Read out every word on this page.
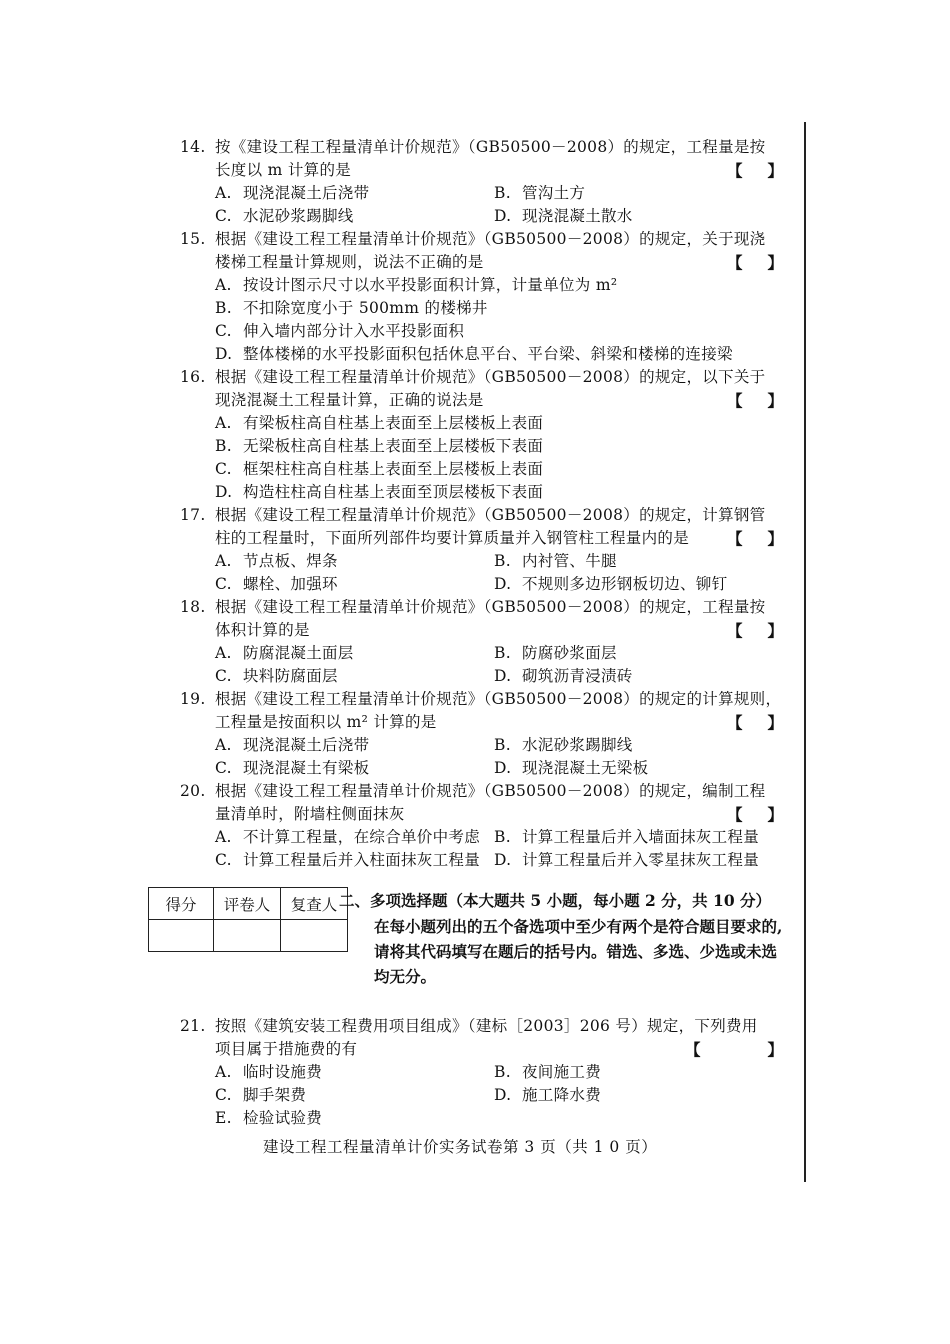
14. 按《建设工程工程量清单计价规范》（GB50500－2008）的规定，工程量是按
长度以 m 计算的是	【 】
A. 现浇混凝土后浇带	B. 管沟土方
C. 水泥砂浆踢脚线	D. 现浇混凝土散水
15. 根据《建设工程工程量清单计价规范》（GB50500－2008）的规定，关于现浇
楼梯工程量计算规则，说法不正确的是	【 】
A. 按设计图示尺寸以水平投影面积计算，计量单位为 m²
B. 不扣除宽度小于 500mm 的楼梯井
C. 伸入墙内部分计入水平投影面积
D. 整体楼梯的水平投影面积包括休息平台、平台梁、斜梁和楼梯的连接梁
16. 根据《建设工程工程量清单计价规范》（GB50500－2008）的规定，以下关于
现浇混凝土工程量计算，正确的说法是	【 】
A. 有梁板柱高自柱基上表面至上层楼板上表面
B. 无梁板柱高自柱基上表面至上层楼板下表面
C. 框架柱柱高自柱基上表面至上层楼板上表面
D. 构造柱柱高自柱基上表面至顶层楼板下表面
17. 根据《建设工程工程量清单计价规范》（GB50500－2008）的规定，计算钢管
柱的工程量时，下面所列部件均要计算质量并入钢管柱工程量内的是 【 】
A. 节点板、焊条	B. 内衬管、牛腿
C. 螺栓、加强环	D. 不规则多边形钢板切边、铆钉
18. 根据《建设工程工程量清单计价规范》（GB50500－2008）的规定，工程量按
体积计算的是	【 】
A. 防腐混凝土面层	B. 防腐砂浆面层
C. 块料防腐面层	D. 砌筑沥青浸渍砖
19. 根据《建设工程工程量清单计价规范》（GB50500－2008）的规定的计算规则，
工程量是按面积以 m² 计算的是	【 】
A. 现浇混凝土后浇带	B. 水泥砂浆踢脚线
C. 现浇混凝土有梁板	D. 现浇混凝土无梁板
20. 根据《建设工程工程量清单计价规范》（GB50500－2008）的规定，编制工程
量清单时，附墙柱侧面抹灰	【 】
A. 不计算工程量，在综合单价中考虑 B. 计算工程量后并入墙面抹灰工程量
C. 计算工程量后并入柱面抹灰工程量 D. 计算工程量后并入零星抹灰工程量
得分	评卷人	复查人
		二、多项选择题（本大题共 5 小题，每小题 2 分，共 10 分）
在每小题列出的五个备选项中至少有两个是符合题目要求的,请将其代码填写在题后的括号内。错选、多选、少选或未选均无分。
21. 按照《建筑安装工程费用项目组成》（建标［2003］206 号）规定，下列费用
项目属于措施费的有	【	】
A. 临时设施费	B. 夜间施工费
C. 脚手架费	D. 施工降水费
E. 检验试验费
建设工程工程量清单计价实务试卷第 3 页（共 1 0 页）
